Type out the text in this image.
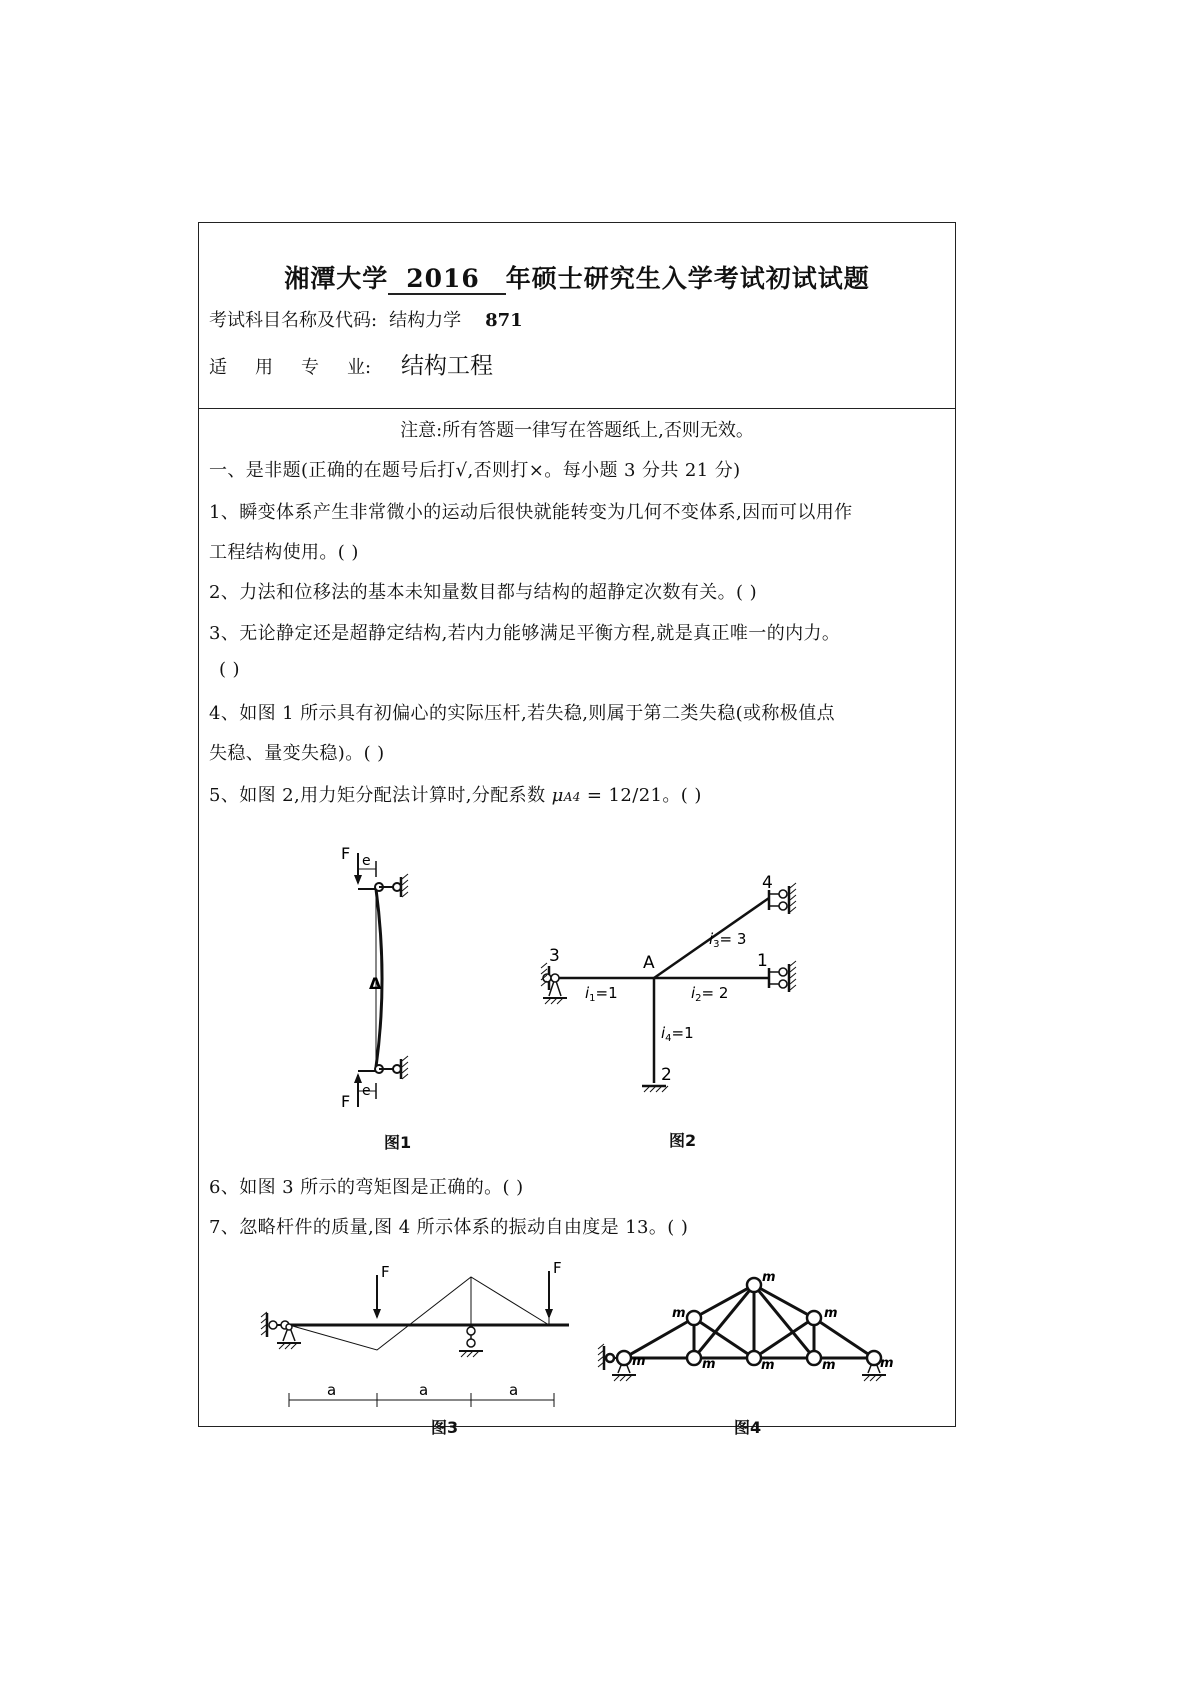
湘潭大学 2016 年硕士研究生入学考试初试试题
考试科目名称及代码: 结构力学 871
适 用 专 业: 结构工程
注意:所有答题一律写在答题纸上,否则无效。
一、是非题(正确的在题号后打√,否则打×。每小题 3 分共 21 分)
1、瞬变体系产生非常微小的运动后很快就能转变为几何不变体系,因而可以用作
工程结构使用。( )
2、力法和位移法的基本未知量数目都与结构的超静定次数有关。( )
3、无论静定还是超静定结构,若内力能够满足平衡方程,就是真正唯一的内力。
( )
4、如图 1 所示具有初偏心的实际压杆,若失稳,则属于第二类失稳(或称极值点
失稳、量变失稳)。( )
5、如图 2,用力矩分配法计算时,分配系数 μA4 = 12/21。( )
F e
Δ
e
F
图1
4
1
3	A
2
$i_1=1$	$i_2= 2$
$i_3= 3$
$i_4=1$
图2
6、如图 3 所示的弯矩图是正确的。( )
7、忽略杆件的质量,图 4 所示体系的振动自由度是 13。( )
F	F
a	a	a
图3
m	m	m	m	m
m	m
m
图4
